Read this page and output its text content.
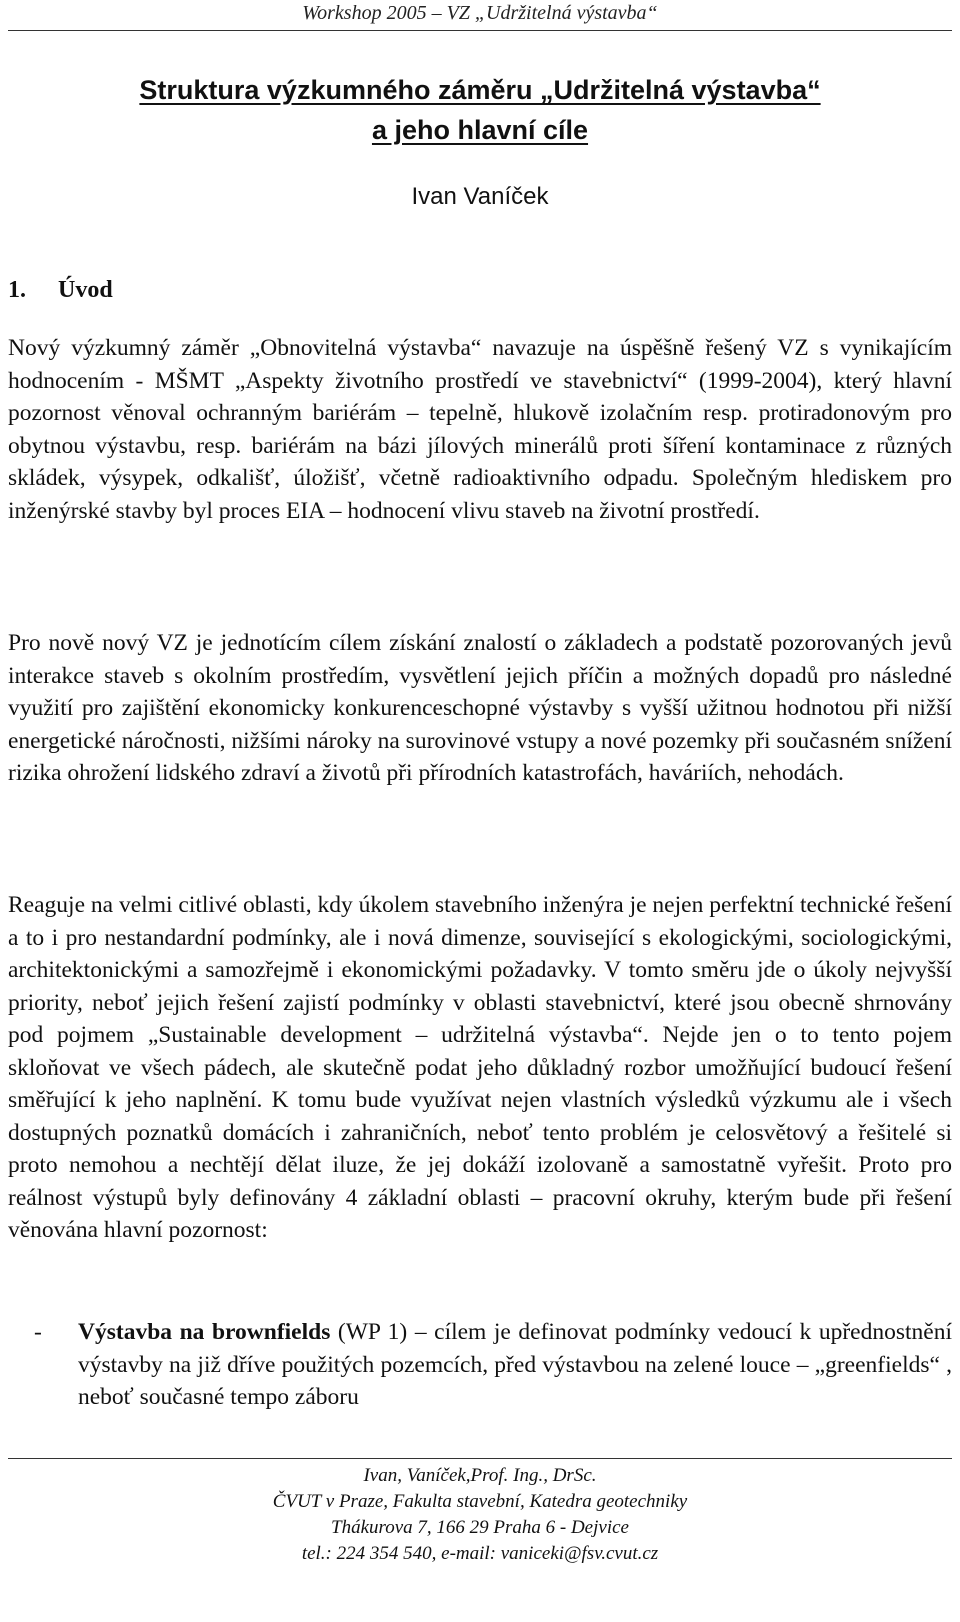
Workshop 2005 – VZ „Udržitelná výstavba“
Struktura výzkumného záměru „Udržitelná výstavba“
a jeho hlavní cíle
Ivan Vaníček
1. Úvod

Nový výzkumný záměr „Obnovitelná výstavba“ navazuje na úspěšně řešený VZ s vynikajícím hodnocením - MŠMT „Aspekty životního prostředí ve stavebnictví“ (1999-2004), který hlavní pozornost věnoval ochranným bariérám – tepelně, hlukově izolačním resp. protiradonovým pro obytnou výstavbu, resp. bariérám na bázi jílových minerálů proti šíření kontaminace z různých skládek, výsypek, odkališť, úložišť, včetně radioaktivního odpadu. Společným hlediskem pro inženýrské stavby byl proces EIA – hodnocení vlivu staveb na životní prostředí.

Pro nově nový VZ je jednotícím cílem získání znalostí o základech a podstatě pozorovaných jevů interakce staveb s okolním prostředím, vysvětlení jejich příčin a možných dopadů pro následné využití pro zajištění ekonomicky konkurenceschopné výstavby s vyšší užitnou hodnotou při nižší energetické náročnosti, nižšími nároky na surovinové vstupy a nové pozemky při současném snížení rizika ohrožení lidského zdraví a životů při přírodních katastrofách, haváriích, nehodách.

Reaguje na velmi citlivé oblasti, kdy úkolem stavebního inženýra je nejen perfektní technické řešení a to i pro nestandardní podmínky, ale i nová dimenze, související s ekologickými, sociologickými, architektonickými a samozřejmě i ekonomickými požadavky. V tomto směru jde o úkoly nejvyšší priority, neboť jejich řešení zajistí podmínky v oblasti stavebnictví, které jsou obecně shrnovány pod pojmem „Sustainable development – udržitelná výstavba“. Nejde jen o to tento pojem skloňovat ve všech pádech, ale skutečně podat jeho důkladný rozbor umožňující budoucí řešení směřující k jeho naplnění. K tomu bude využívat nejen vlastních výsledků výzkumu ale i všech dostupných poznatků domácích i zahraničních, neboť tento problém je celosvětový a řešitelé si proto nemohou a nechtějí dělat iluze, že jej dokáží izolovaně a samostatně vyřešit. Proto pro reálnost výstupů byly definovány 4 základní oblasti – pracovní okruhy, kterým bude při řešení věnována hlavní pozornost:

- Výstavba na brownfields (WP 1) – cílem je definovat podmínky vedoucí k upřednostnění výstavby na již dříve použitých pozemcích, před výstavbou na zelené louce – „greenfields“ , neboť současné tempo záboru
Ivan, Vaníček,Prof. Ing., DrSc.
ČVUT v Praze, Fakulta stavební, Katedra geotechniky
Thákurova 7, 166 29 Praha 6 - Dejvice
tel.: 224 354 540, e-mail: vaniceki@fsv.cvut.cz
